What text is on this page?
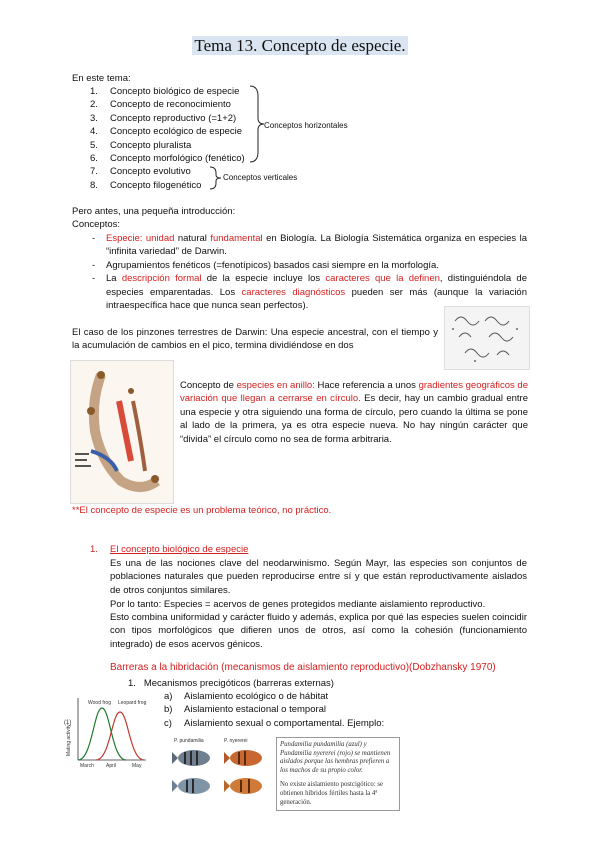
Tema 13. Concepto de especie.
En este tema:
1. Concepto biológico de especie
2. Concepto de reconocimiento
3. Concepto reproductivo (=1+2)
4. Concepto ecológico de especie
5. Concepto pluralista
6. Concepto morfológico (fenético)
7. Concepto evolutivo
8. Concepto filogenético
Conceptos horizontales
Conceptos verticales
Pero antes, una pequeña introducción:
Conceptos:
- Especie: unidad natural fundamental en Biología. La Biología Sistemática organiza en especies la “infinita variedad” de Darwin.
- Agrupamientos fenéticos (=fenotípicos) basados casi siempre en la morfología.
- La descripción formal de la especie incluye los caracteres que la definen, distinguiéndola de especies emparentadas. Los caracteres diagnósticos pueden ser más (aunque la variación intraespecífica hace que nunca sean perfectos).
El caso de los pinzones terrestres de Darwin: Una especie ancestral, con el tiempo y la acumulación de cambios en el pico, termina dividiéndose en dos
Concepto de especies en anillo: Hace referencia a unos gradientes geográficos de variación que llegan a cerrarse en círculo. Es decir, hay un cambio gradual entre una especie y otra siguiendo una forma de círculo, pero cuando la última se pone al lado de la primera, ya es otra especie nueva. No hay ningún carácter que “divida” el círculo como no sea de forma arbitraria.
**El concepto de especie es un problema teórico, no práctico.
1. El concepto biológico de especie
Es una de las nociones clave del neodarwinismo. Según Mayr, las especies son conjuntos de poblaciones naturales que pueden reproducirse entre sí y que están reproductivamente aislados de otros conjuntos similares.
Por lo tanto: Especies = acervos de genes protegidos mediante aislamiento reproductivo.
Esto combina uniformidad y carácter fluido y además, explica por qué las especies suelen coincidir con tipos morfológicos que difieren unos de otros, así como la cohesión (funcionamiento integrado) de esos acervos génicos.
Barreras a la hibridación (mecanismos de aislamiento reproductivo)(Dobzhansky 1970)
1. Mecanismos precigóticos (barreras externas)
a) Aislamiento ecológico o de hábitat
b) Aislamiento estacional o temporal
c) Aislamiento sexual o comportamental. Ejemplo:
(1)
Mating activity
Wood frog Leopard frog
March April	May
P. pundamilia	P. nyererei	Pundamilia pundamilia (azul) y Pundamilia nyererei (rojo) se mantienen aislados porque las hembras prefieren a los machos de su propio color.
No existe aislamiento postcigótico: se obtienen híbridos fértiles hasta la 4ª generación.
